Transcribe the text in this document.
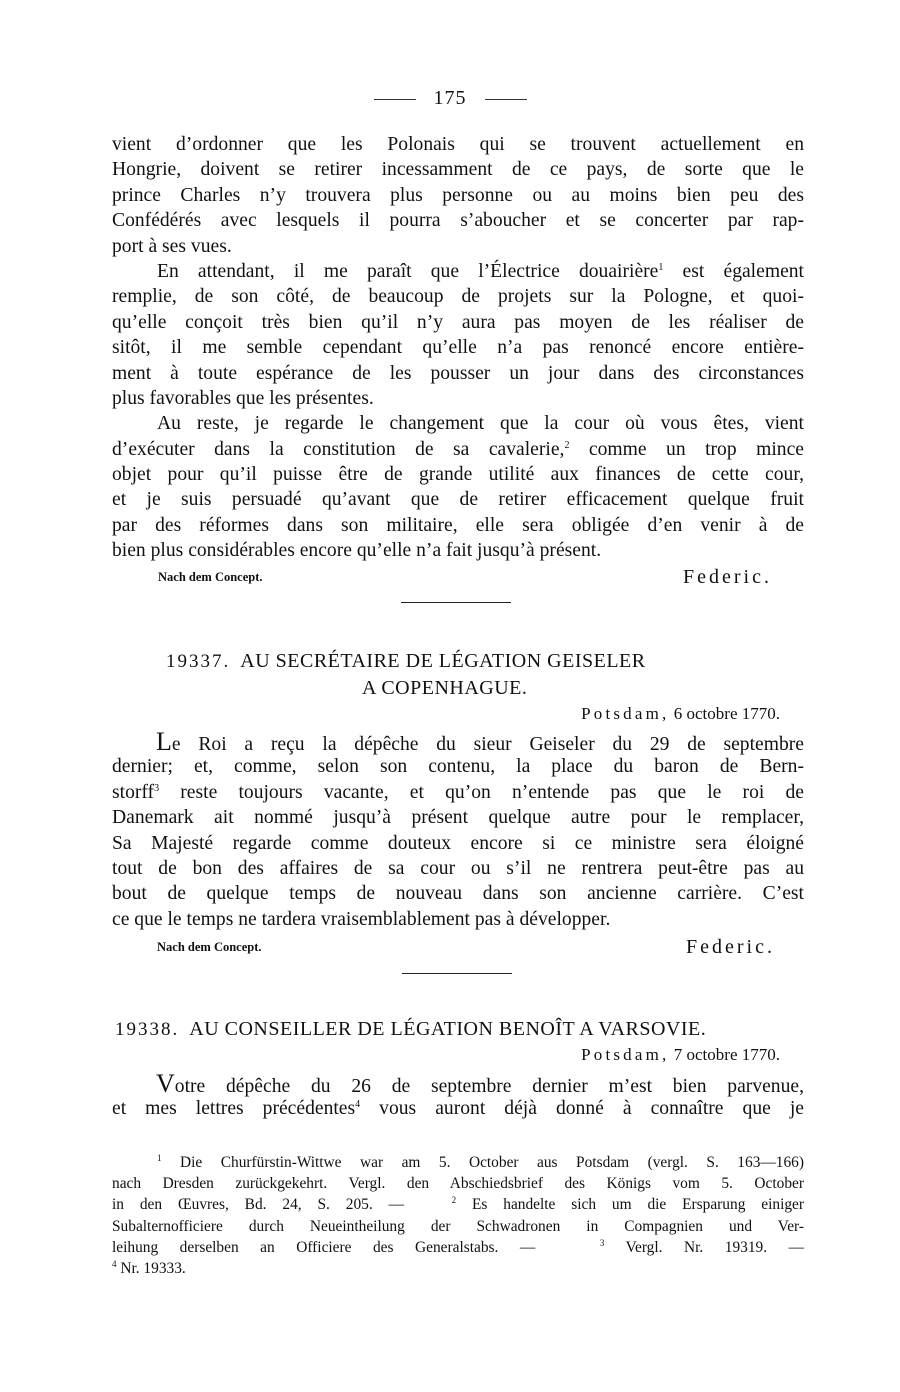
175
vient d’ordonner que les Polonais qui se trouvent actuellement en
Hongrie, doivent se retirer incessamment de ce pays, de sorte que le
prince Charles n’y trouvera plus personne ou au moins bien peu des
Confédérés avec lesquels il pourra s’aboucher et se concerter par rap-
port à ses vues.
En attendant, il me paraît que l’Électrice douairière$^1$ est également
remplie, de son côté, de beaucoup de projets sur la Pologne, et quoi-
qu’elle conçoit très bien qu’il n’y aura pas moyen de les réaliser de
sitôt, il me semble cependant qu’elle n’a pas renoncé encore entière-
ment à toute espérance de les pousser un jour dans des circonstances
plus favorables que les présentes.
Au reste, je regarde le changement que la cour où vous êtes, vient
d’exécuter dans la constitution de sa cavalerie,$^2$ comme un trop mince
objet pour qu’il puisse être de grande utilité aux finances de cette cour,
et je suis persuadé qu’avant que de retirer efficacement quelque fruit
par des réformes dans son militaire, elle sera obligée d’en venir à de
bien plus considérables encore qu’elle n’a fait jusqu’à présent.
Nach dem Concept.	Federic.
19337. AU SECRÉTAIRE DE LÉGATION GEISELER
A COPENHAGUE.
Potsdam, 6 octobre 1770.
Le Roi a reçu la dépêche du sieur Geiseler du 29 de septembre
dernier; et, comme, selon son contenu, la place du baron de Bern-
storff$^3$ reste toujours vacante, et qu’on n’entende pas que le roi de
Danemark ait nommé jusqu’à présent quelque autre pour le remplacer,
Sa Majesté regarde comme douteux encore si ce ministre sera éloigné
tout de bon des affaires de sa cour ou s’il ne rentrera peut-être pas au
bout de quelque temps de nouveau dans son ancienne carrière. C’est
ce que le temps ne tardera vraisemblablement pas à développer.
Nach dem Concept.	Federic.
19338. AU CONSEILLER DE LÉGATION BENOÎT A VARSOVIE.
Potsdam, 7 octobre 1770.
Votre dépêche du 26 de septembre dernier m’est bien parvenue,
et mes lettres précédentes$^4$ vous auront déjà donné à connaître que je
$^1$ Die Churfürstin-Wittwe war am 5. October aus Potsdam (vergl. S. 163—166)
nach Dresden zurückgekehrt. Vergl. den Abschiedsbrief des Königs vom 5. October
in den Œuvres, Bd. 24, S. 205. —	$^2$ Es handelte sich um die Ersparung einiger
Subalternofficiere durch Neueintheilung der Schwadronen in Compagnien und Ver-
leihung derselben an Officiere des Generalstabs. —	$^3$ Vergl. Nr. 19319. —
$^4$ Nr. 19333.
